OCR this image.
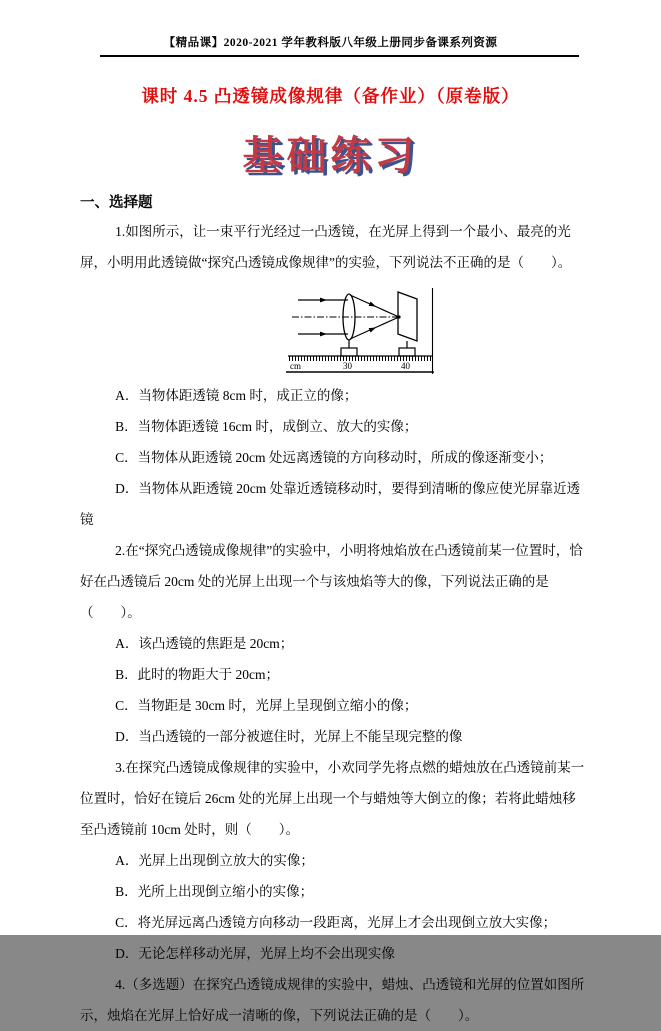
【精品课】2020-2021 学年教科版八年级上册同步备课系列资源
课时 4.5 凸透镜成像规律（备作业）（原卷版）
基础练习
一、选择题

1.如图所示，让一束平行光经过一凸透镜，在光屏上得到一个最小、最亮的光屏，小明用此透镜做“探究凸透镜成像规律”的实验，下列说法不正确的是（　　）。

cm	30	40

A．当物体距透镜 8cm 时，成正立的像；

B．当物体距透镜 16cm 时，成倒立、放大的实像；

C．当物体从距透镜 20cm 处远离透镜的方向移动时，所成的像逐渐变小；

D．当物体从距透镜 20cm 处靠近透镜移动时，要得到清晰的像应使光屏靠近透镜

2.在“探究凸透镜成像规律”的实验中，小明将烛焰放在凸透镜前某一位置时，恰好在凸透镜后 20cm 处的光屏上出现一个与该烛焰等大的像，下列说法正确的是（　　）。

A．该凸透镜的焦距是 20cm；

B．此时的物距大于 20cm；

C．当物距是 30cm 时，光屏上呈现倒立缩小的像；

D．当凸透镜的一部分被遮住时，光屏上不能呈现完整的像

3.在探究凸透镜成像规律的实验中，小欢同学先将点燃的蜡烛放在凸透镜前某一位置时，恰好在镜后 26cm 处的光屏上出现一个与蜡烛等大倒立的像；若将此蜡烛移至凸透镜前 10cm 处时，则（　　）。

A．光屏上出现倒立放大的实像；

B．光所上出现倒立缩小的实像；

C．将光屏远离凸透镜方向移动一段距离，光屏上才会出现倒立放大实像；

D．无论怎样移动光屏，光屏上均不会出现实像

4.（多选题）在探究凸透镜成规律的实验中，蜡烛、凸透镜和光屏的位置如图所示，烛焰在光屏上恰好成一清晰的像，下列说法正确的是（　　）。
